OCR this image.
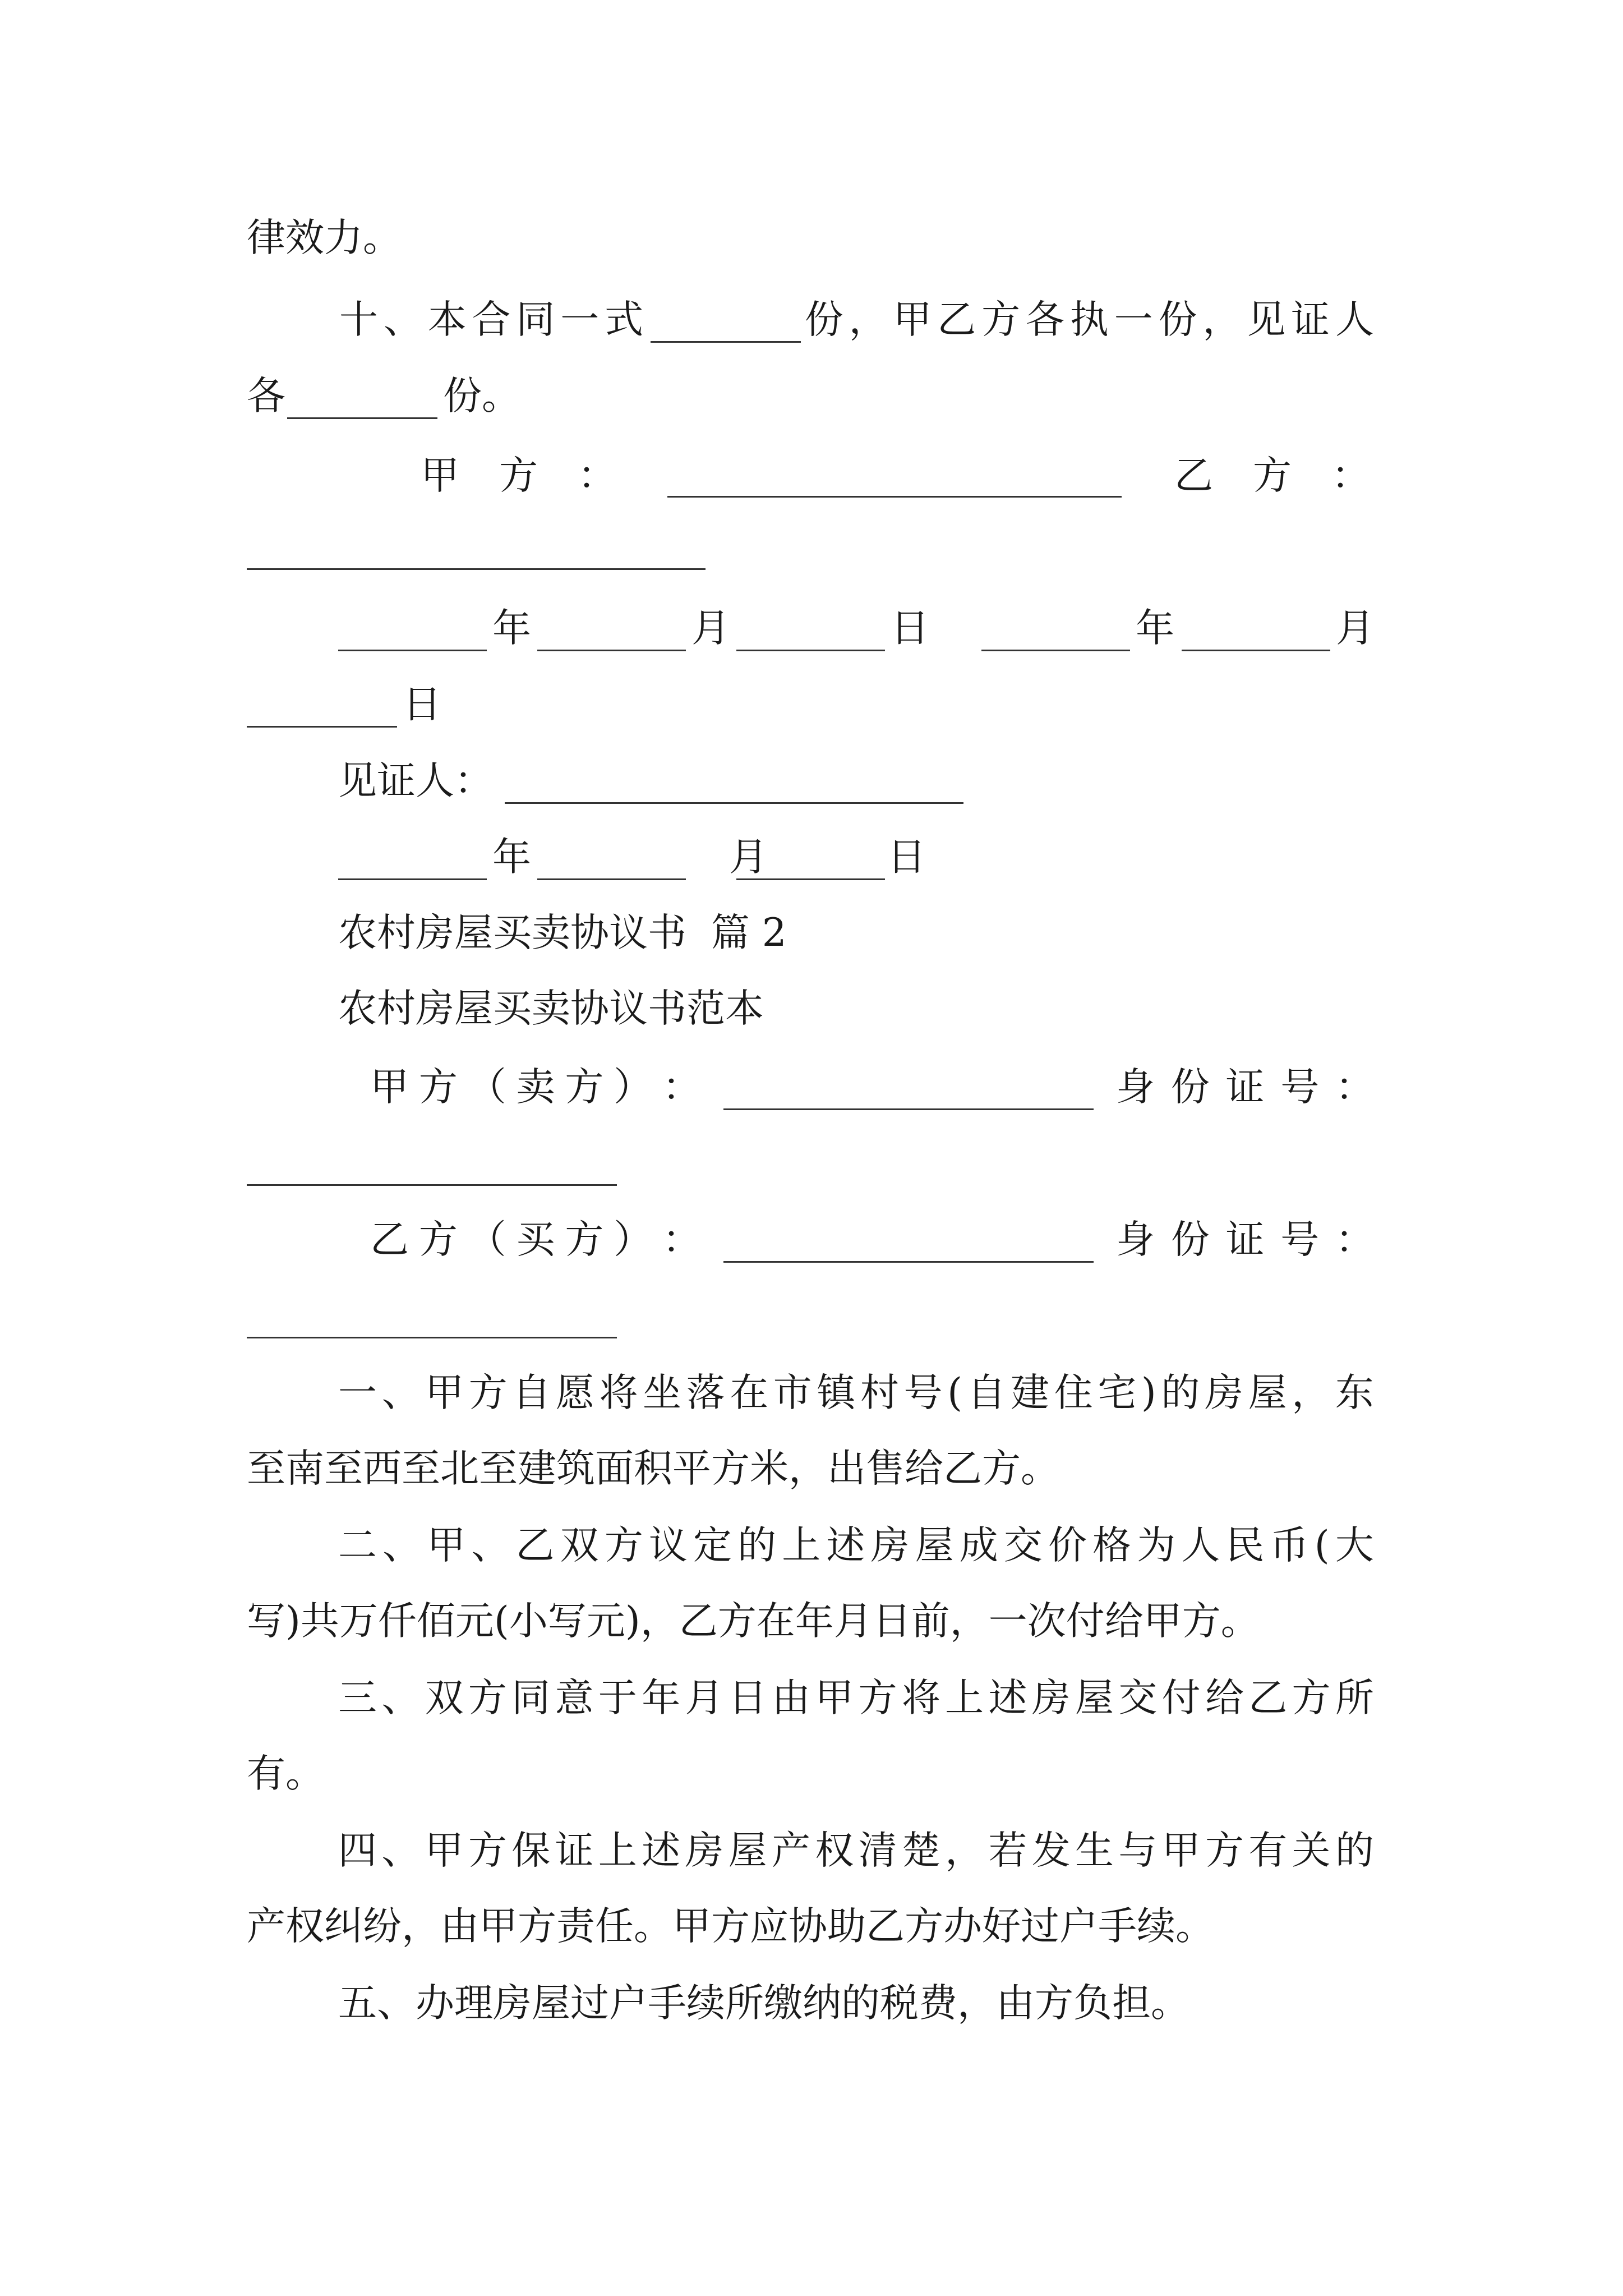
律效力。
十 、 本 合 同 一 式	份 ， 甲 乙 方 各 执 一 份 ， 见 证 人
各	份。
甲 方 ：	乙 方 ：
年	月	日	年	月
日
见证人：
年	月	日
农村房屋买卖协议书  篇 2
农村房屋买卖协议书范本
甲 方 （ 卖 方 ） ：	身 份 证 号 ：
乙 方 （ 买 方 ） ：	身 份 证 号 ：
一 、 甲 方 自 愿 将 坐 落 在 市 镇 村 号 ( 自 建 住 宅 ) 的 房 屋 ， 东
至南至西至北至建筑面积平方米，出售给乙方。
二 、 甲 、 乙 双 方 议 定 的 上 述 房 屋 成 交 价 格 为 人 民 币 ( 大
写)共万仟佰元(小写元)，乙方在年月日前，一次付给甲方。
三 、 双 方 同 意 于 年 月 日 由 甲 方 将 上 述 房 屋 交 付 给 乙 方 所
有。
四 、 甲 方 保 证 上 述 房 屋 产 权 清 楚 ， 若 发 生 与 甲 方 有 关 的
产权纠纷，由甲方责任。甲方应协助乙方办好过户手续。
五、办理房屋过户手续所缴纳的税费，由方负担。
